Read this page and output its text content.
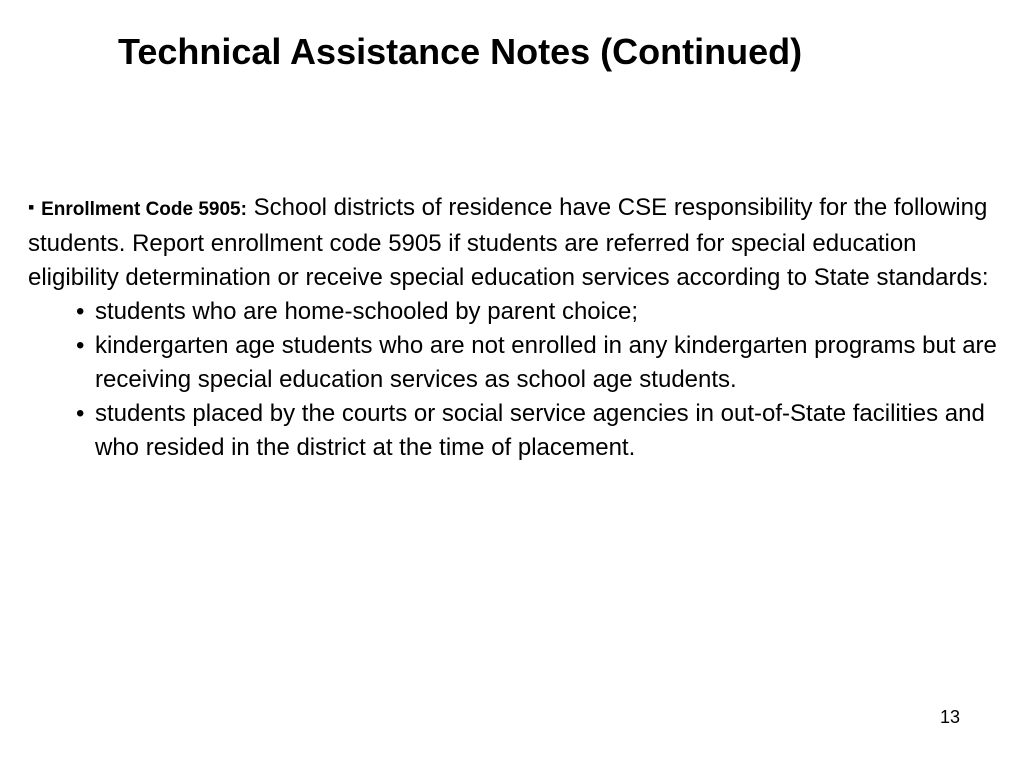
Technical Assistance Notes (Continued)

▪ Enrollment Code 5905: School districts of residence have CSE responsibility for the following students. Report enrollment code 5905 if students are referred for special education eligibility determination or receive special education services according to State standards:

• students who are home-schooled by parent choice;
• kindergarten age students who are not enrolled in any kindergarten programs but are receiving special education services as school age students.
• students placed by the courts or social service agencies in out-of-State facilities and who resided in the district at the time of placement.
13
